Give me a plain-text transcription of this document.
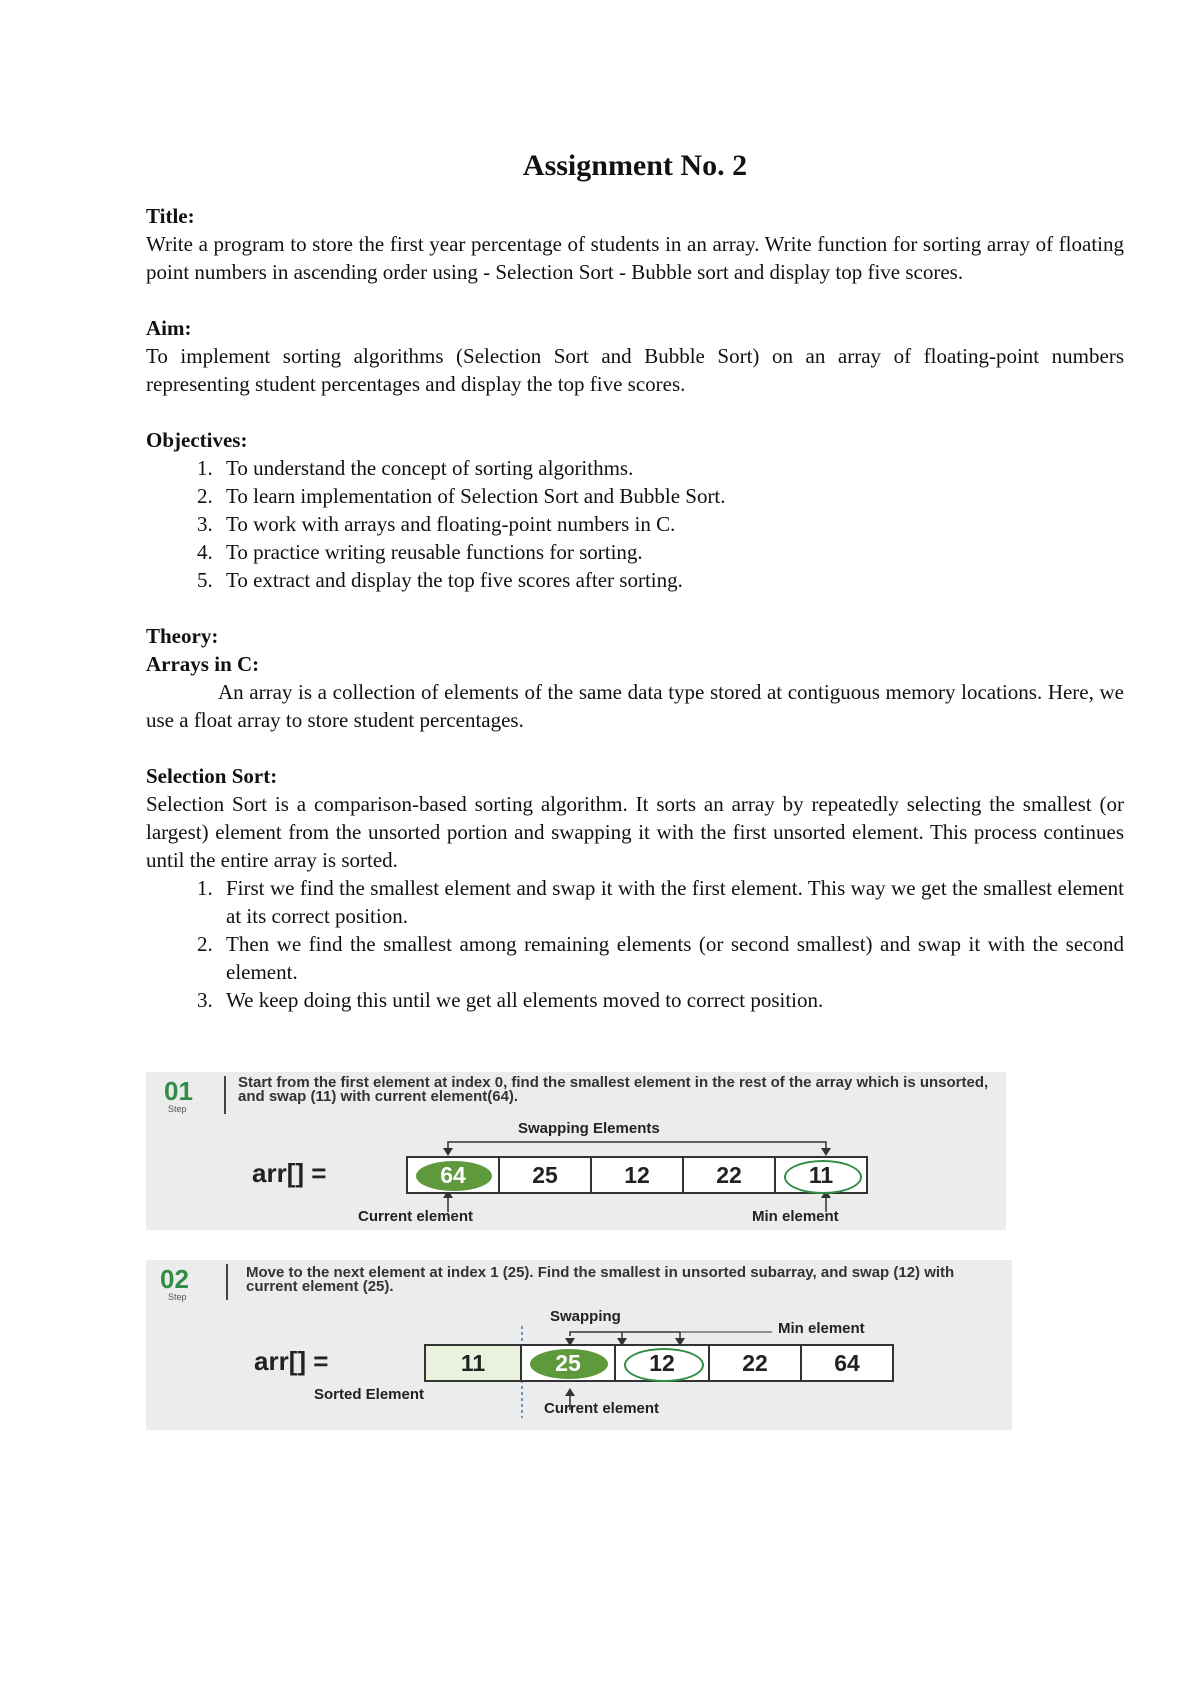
Assignment No. 2

Title:

Write a program to store the first year percentage of students in an array. Write function for sorting array of floating point numbers in ascending order using - Selection Sort - Bubble sort and display top five scores.

Aim:

To implement sorting algorithms (Selection Sort and Bubble Sort) on an array of floating-point numbers representing student percentages and display the top five scores.

Objectives:

1. To understand the concept of sorting algorithms.
2. To learn implementation of Selection Sort and Bubble Sort.
3. To work with arrays and floating-point numbers in C.
4. To practice writing reusable functions for sorting.
5. To extract and display the top five scores after sorting.

Theory:

Arrays in C:

An array is a collection of elements of the same data type stored at contiguous memory locations. Here, we use a float array to store student percentages.

Selection Sort:

Selection Sort is a comparison-based sorting algorithm. It sorts an array by repeatedly selecting the smallest (or largest) element from the unsorted portion and swapping it with the first unsorted element. This process continues until the entire array is sorted.

1. First we find the smallest element and swap it with the first element. This way we get the smallest element at its correct position.
2. Then we find the smallest among remaining elements (or second smallest) and swap it with the second element.
3. We keep doing this until we get all elements moved to correct position.
01
Step
Start from the first element at index 0, find the smallest element in the rest of the array which is unsorted, and swap (11) with current element(64).
Swapping Elements
arr[] =	64	25	12	22	11
Current element	Min element
02
Step
Move to the next element at index 1 (25). Find the smallest in unsorted subarray, and swap (12) with current element (25).
Swapping
Min element
arr[] =	11	25	12	22	64
Sorted Element
Current element
